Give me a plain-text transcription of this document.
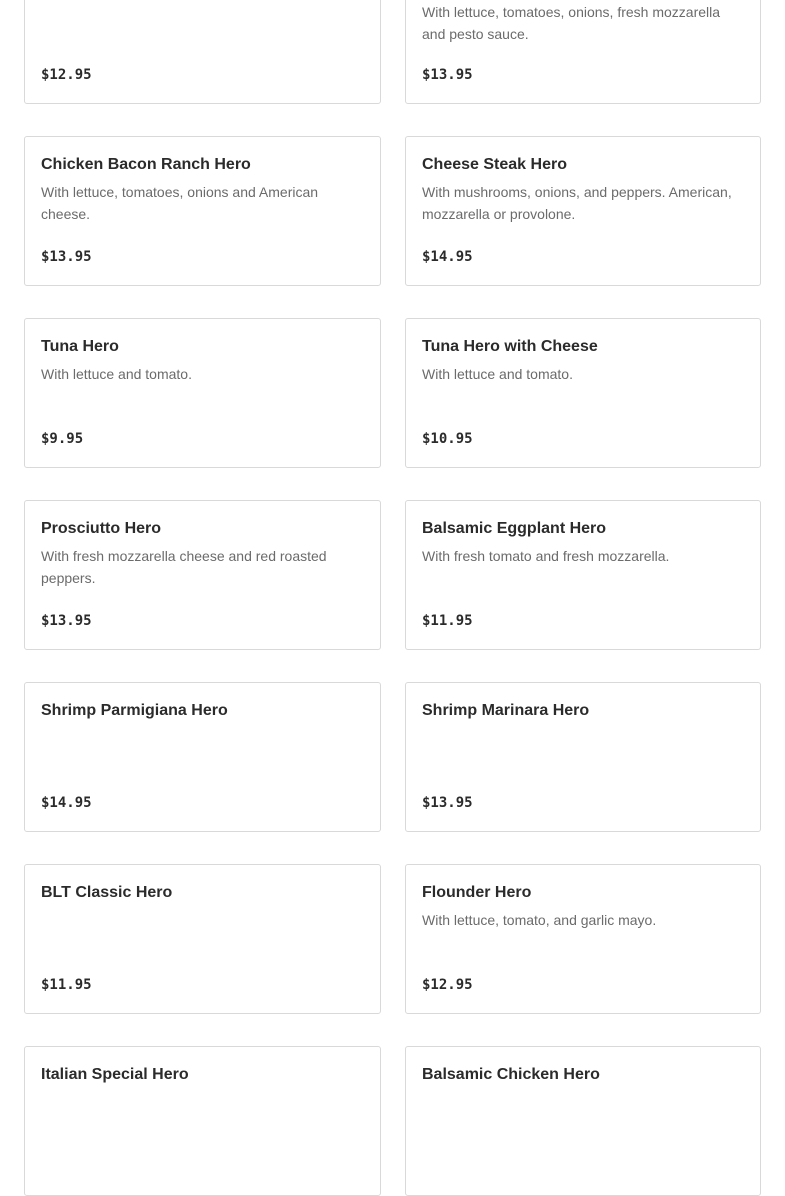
$12.95
With lettuce, tomatoes, onions, fresh mozzarella and pesto sauce.
$13.95
Chicken Bacon Ranch Hero
With lettuce, tomatoes, onions and American cheese.
$13.95
Cheese Steak Hero
With mushrooms, onions, and peppers. American, mozzarella or provolone.
$14.95
Tuna Hero
With lettuce and tomato.
$9.95
Tuna Hero with Cheese
With lettuce and tomato.
$10.95
Prosciutto Hero
With fresh mozzarella cheese and red roasted peppers.
$13.95
Balsamic Eggplant Hero
With fresh tomato and fresh mozzarella.
$11.95
Shrimp Parmigiana Hero
$14.95
Shrimp Marinara Hero
$13.95
BLT Classic Hero
$11.95
Flounder Hero
With lettuce, tomato, and garlic mayo.
$12.95
Italian Special Hero	Balsamic Chicken Hero
